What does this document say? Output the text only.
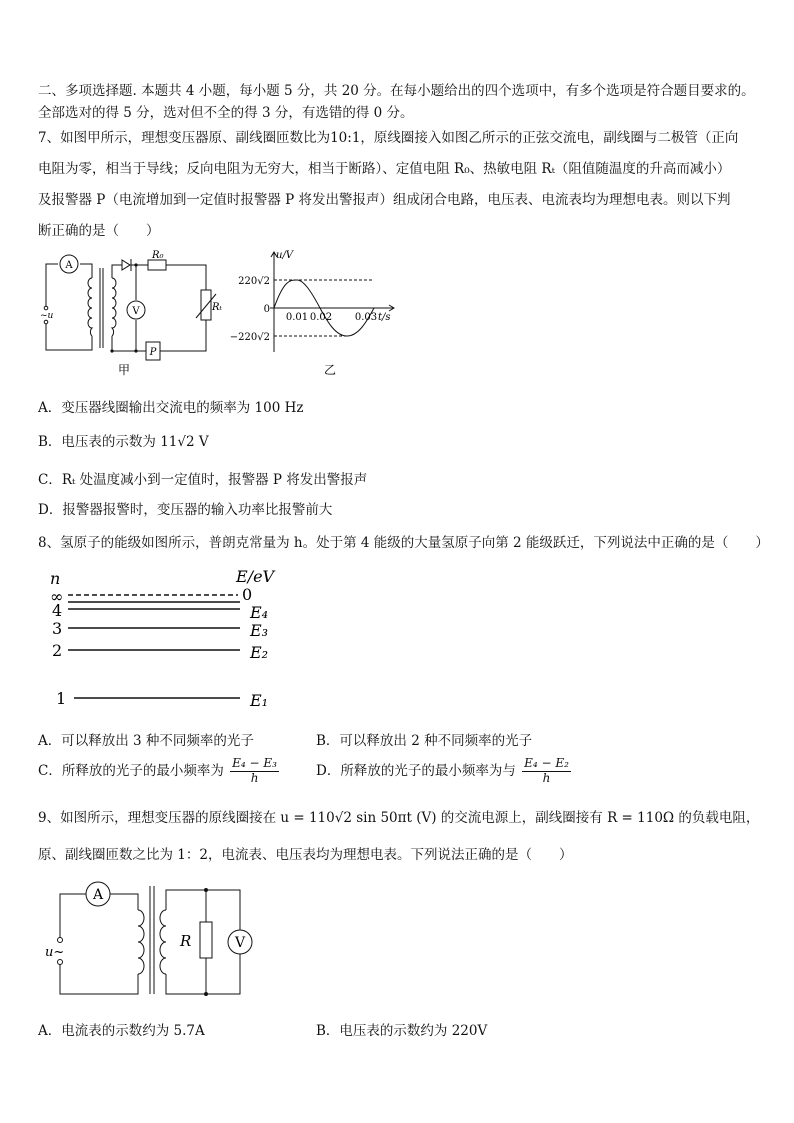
二、多项选择题. 本题共 4 小题，每小题 5 分，共 20 分。在每小题给出的四个选项中，有多个选项是符合题目要求的。
全部选对的得 5 分，选对但不全的得 3 分，有选错的得 0 分。
7、如图甲所示，理想变压器原、副线圈匝数比为10:1，原线圈接入如图乙所示的正弦交流电，副线圈与二极管（正向
电阻为零，相当于导线；反向电阻为无穷大，相当于断路）、定值电阻 R₀、热敏电阻 Rₜ（阻值随温度的升高而减小）
及报警器 P（电流增加到一定值时报警器 P 将发出警报声）组成闭合电路，电压表、电流表均为理想电表。则以下判
断正确的是（　　）
A
V
~u
R₀
Rₜ
P
甲
u/V
t/s
220√2
0
−220√2
0.01 0.02 0.03
乙
A．变压器线圈输出交流电的频率为 100 Hz
B．电压表的示数为 11√2 V
C．Rₜ 处温度减小到一定值时，报警器 P 将发出警报声
D．报警器报警时，变压器的输入功率比报警前大
8、氢原子的能级如图所示，普朗克常量为 h。处于第 4 能级的大量氢原子向第 2 能级跃迁，下列说法中正确的是（　　）
n	E/eV
∞	0
4
3
2
1
E₄
E₃
E₂
E₁
A．可以释放出 3 种不同频率的光子	B．可以释放出 2 种不同频率的光子
C．所释放的光子的最小频率为 $\frac{\text{E₄ − E₃}}{h}$	D．所释放的光子的最小频率为与 $\frac{\text{E₄ − E₂}}{h}$
9、如图所示，理想变压器的原线圈接在 u = 110√2 sin 50πt (V) 的交流电源上，副线圈接有 R = 110Ω 的负载电阻，
原、副线圈匝数之比为 1：2，电流表、电压表均为理想电表。下列说法正确的是（　　）
A
V
u~
R
A．电流表的示数约为 5.7A	B．电压表的示数约为 220V
